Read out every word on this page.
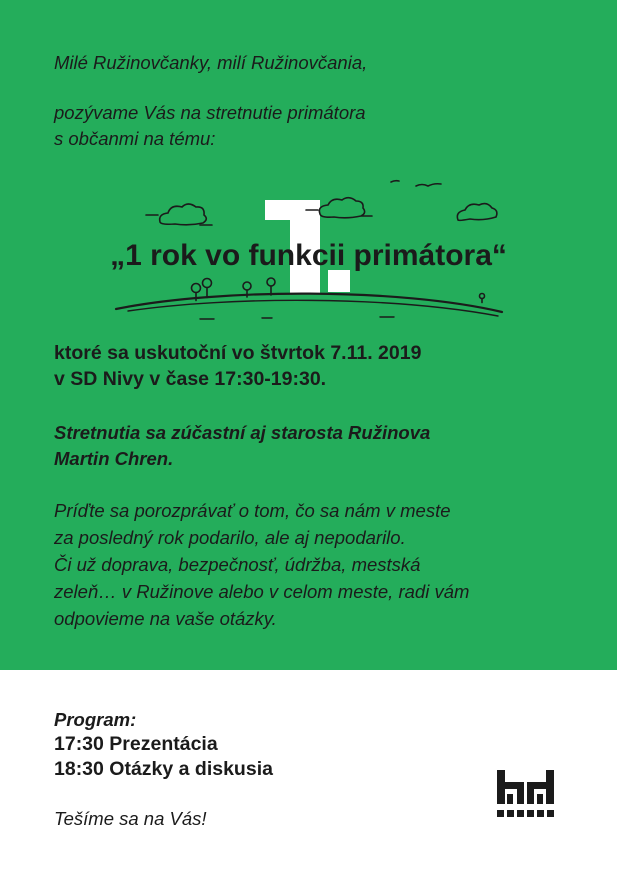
Milé Ružinovčanky, milí Ružinovčania,

pozývame Vás na stretnutie primátora

s občanmi na tému:

„1 rok vo funkcii primátora“

ktoré sa uskutoční vo štvrtok 7.11. 2019

v SD Nivy v čase 17:30-19:30.

Stretnutia sa zúčastní aj starosta Ružinova

Martin Chren.

Príďte sa porozprávať o tom, čo sa nám v meste

za posledný rok podarilo, ale aj nepodarilo.

Či už doprava, bezpečnosť, údržba, mestská

zeleň… v Ružinove alebo v celom meste, radi vám

odpovieme na vaše otázky.

Program:

17:30 Prezentácia

18:30 Otázky a diskusia

Tešíme sa na Vás!
